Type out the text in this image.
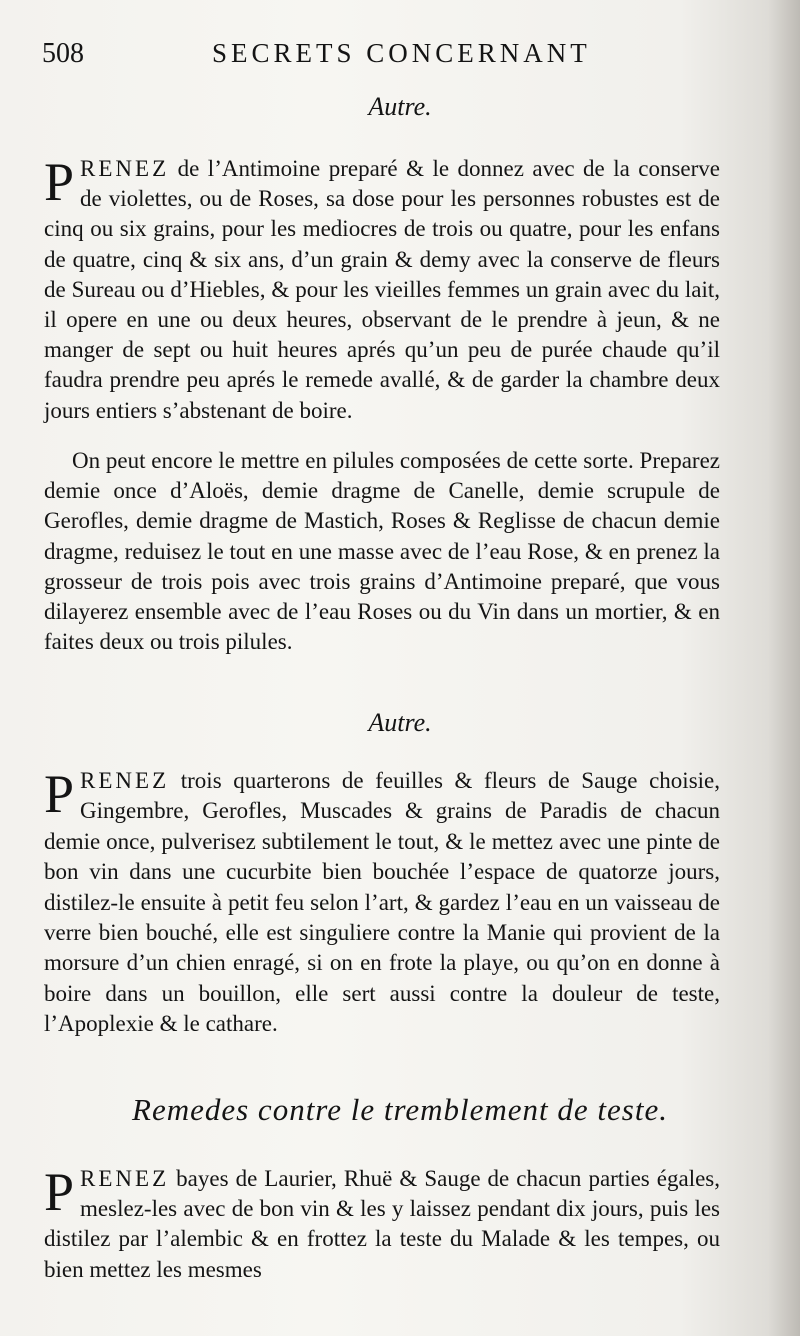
508	SECRETS CONCERNANT
Autre.

PRENEZ de l’Antimoine preparé & le donnez avec de la conserve de violettes, ou de Roses, sa dose pour les personnes robustes est de cinq ou six grains, pour les mediocres de trois ou quatre, pour les enfans de quatre, cinq & six ans, d’un grain & demy avec la conserve de fleurs de Sureau ou d’Hiebles, & pour les vieilles femmes un grain avec du lait, il opere en une ou deux heures, observant de le prendre à jeun, & ne manger de sept ou huit heures aprés qu’un peu de purée chaude qu’il faudra prendre peu aprés le remede avallé, & de garder la chambre deux jours entiers s’abstenant de boire.

On peut encore le mettre en pilules composées de cette sorte. Preparez demie once d’Aloës, demie dragme de Canelle, demie scrupule de Gerofles, demie dragme de Mastich, Roses & Reglisse de chacun demie dragme, reduisez le tout en une masse avec de l’eau Rose, & en prenez la grosseur de trois pois avec trois grains d’Antimoine preparé, que vous dilayerez ensemble avec de l’eau Roses ou du Vin dans un mortier, & en faites deux ou trois pilules.

Autre.

PRENEZ trois quarterons de feuilles & fleurs de Sauge choisie, Gingembre, Gerofles, Muscades & grains de Paradis de chacun demie once, pulverisez subtilement le tout, & le mettez avec une pinte de bon vin dans une cucurbite bien bouchée l’espace de quatorze jours, distilez-le ensuite à petit feu selon l’art, & gardez l’eau en un vaisseau de verre bien bouché, elle est singuliere contre la Manie qui provient de la morsure d’un chien enragé, si on en frote la playe, ou qu’on en donne à boire dans un bouillon, elle sert aussi contre la douleur de teste, l’Apoplexie & le cathare.

Remedes contre le tremblement de teste.

PRENEZ bayes de Laurier, Rhuë & Sauge de chacun parties égales, meslez-les avec de bon vin & les y laissez pendant dix jours, puis les distilez par l’alembic & en frottez la teste du Malade & les tempes, ou bien mettez les mesmes
